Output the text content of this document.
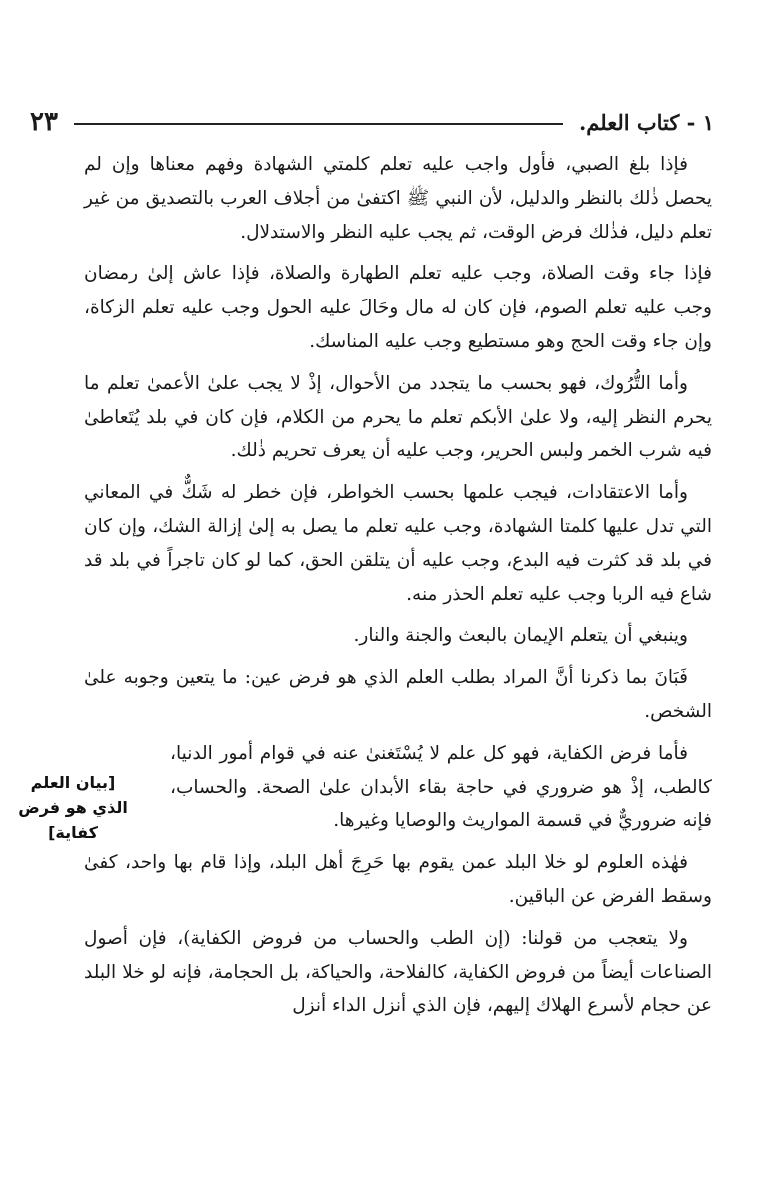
١ - كتاب العلم.
٢٣

فإذا بلغ الصبي، فأول واجب عليه تعلم كلمتي الشهادة وفهم معناها وإن لم يحصل ذٰلك بالنظر والدليل، لأن النبي ﷺ اكتفىٰ من أجلاف العرب بالتصديق من غير تعلم دليل، فذٰلك فرض الوقت، ثم يجب عليه النظر والاستدلال.

فإذا جاء وقت الصلاة، وجب عليه تعلم الطهارة والصلاة، فإذا عاش إلىٰ رمضان وجب عليه تعلم الصوم، فإن كان له مال وحَالَ عليه الحول وجب عليه تعلم الزكاة، وإن جاء وقت الحج وهو مستطيع وجب عليه المناسك.

وأما التُّرُوك، فهو بحسب ما يتجدد من الأحوال، إذْ لا يجب علىٰ الأعمىٰ تعلم ما يحرم النظر إليه، ولا علىٰ الأبكم تعلم ما يحرم من الكلام، فإن كان في بلد يُتَعاطىٰ فيه شرب الخمر ولبس الحرير، وجب عليه أن يعرف تحريم ذٰلك.

وأما الاعتقادات، فيجب علمها بحسب الخواطر، فإن خطر له شَكٌّ في المعاني التي تدل عليها كلمتا الشهادة، وجب عليه تعلم ما يصل به إلىٰ إزالة الشك، وإن كان في بلد قد كثرت فيه البدع، وجب عليه أن يتلقن الحق، كما لو كان تاجراً في بلد قد شاع فيه الربا وجب عليه تعلم الحذر منه.

وينبغي أن يتعلم الإيمان بالبعث والجنة والنار.

فَبَانَ بما ذكرنا أنَّ المراد بطلب العلم الذي هو فرض عين: ما يتعين وجوبه علىٰ الشخص.

فأما فرض الكفاية، فهو كل علم لا يُسْتَغنىٰ عنه في قوام أمور الدنيا، كالطب، إذْ هو ضروري في حاجة بقاء الأبدان علىٰ الصحة. والحساب، فإنه ضروريٌّ في قسمة المواريث والوصايا وغيرها.

فهٰذه العلوم لو خلا البلد عمن يقوم بها حَرِجَ أهل البلد، وإذا قام بها واحد، كفىٰ وسقط الفرض عن الباقين.

ولا يتعجب من قولنا: (إن الطب والحساب من فروض الكفاية)، فإن أصول الصناعات أيضاً من فروض الكفاية، كالفلاحة، والحياكة، بل الحجامة، فإنه لو خلا البلد عن حجام لأسرع الهلاك إليهم، فإن الذي أنزل الداء أنزل

[بيان العلم الذي هو فرض كفاية]
